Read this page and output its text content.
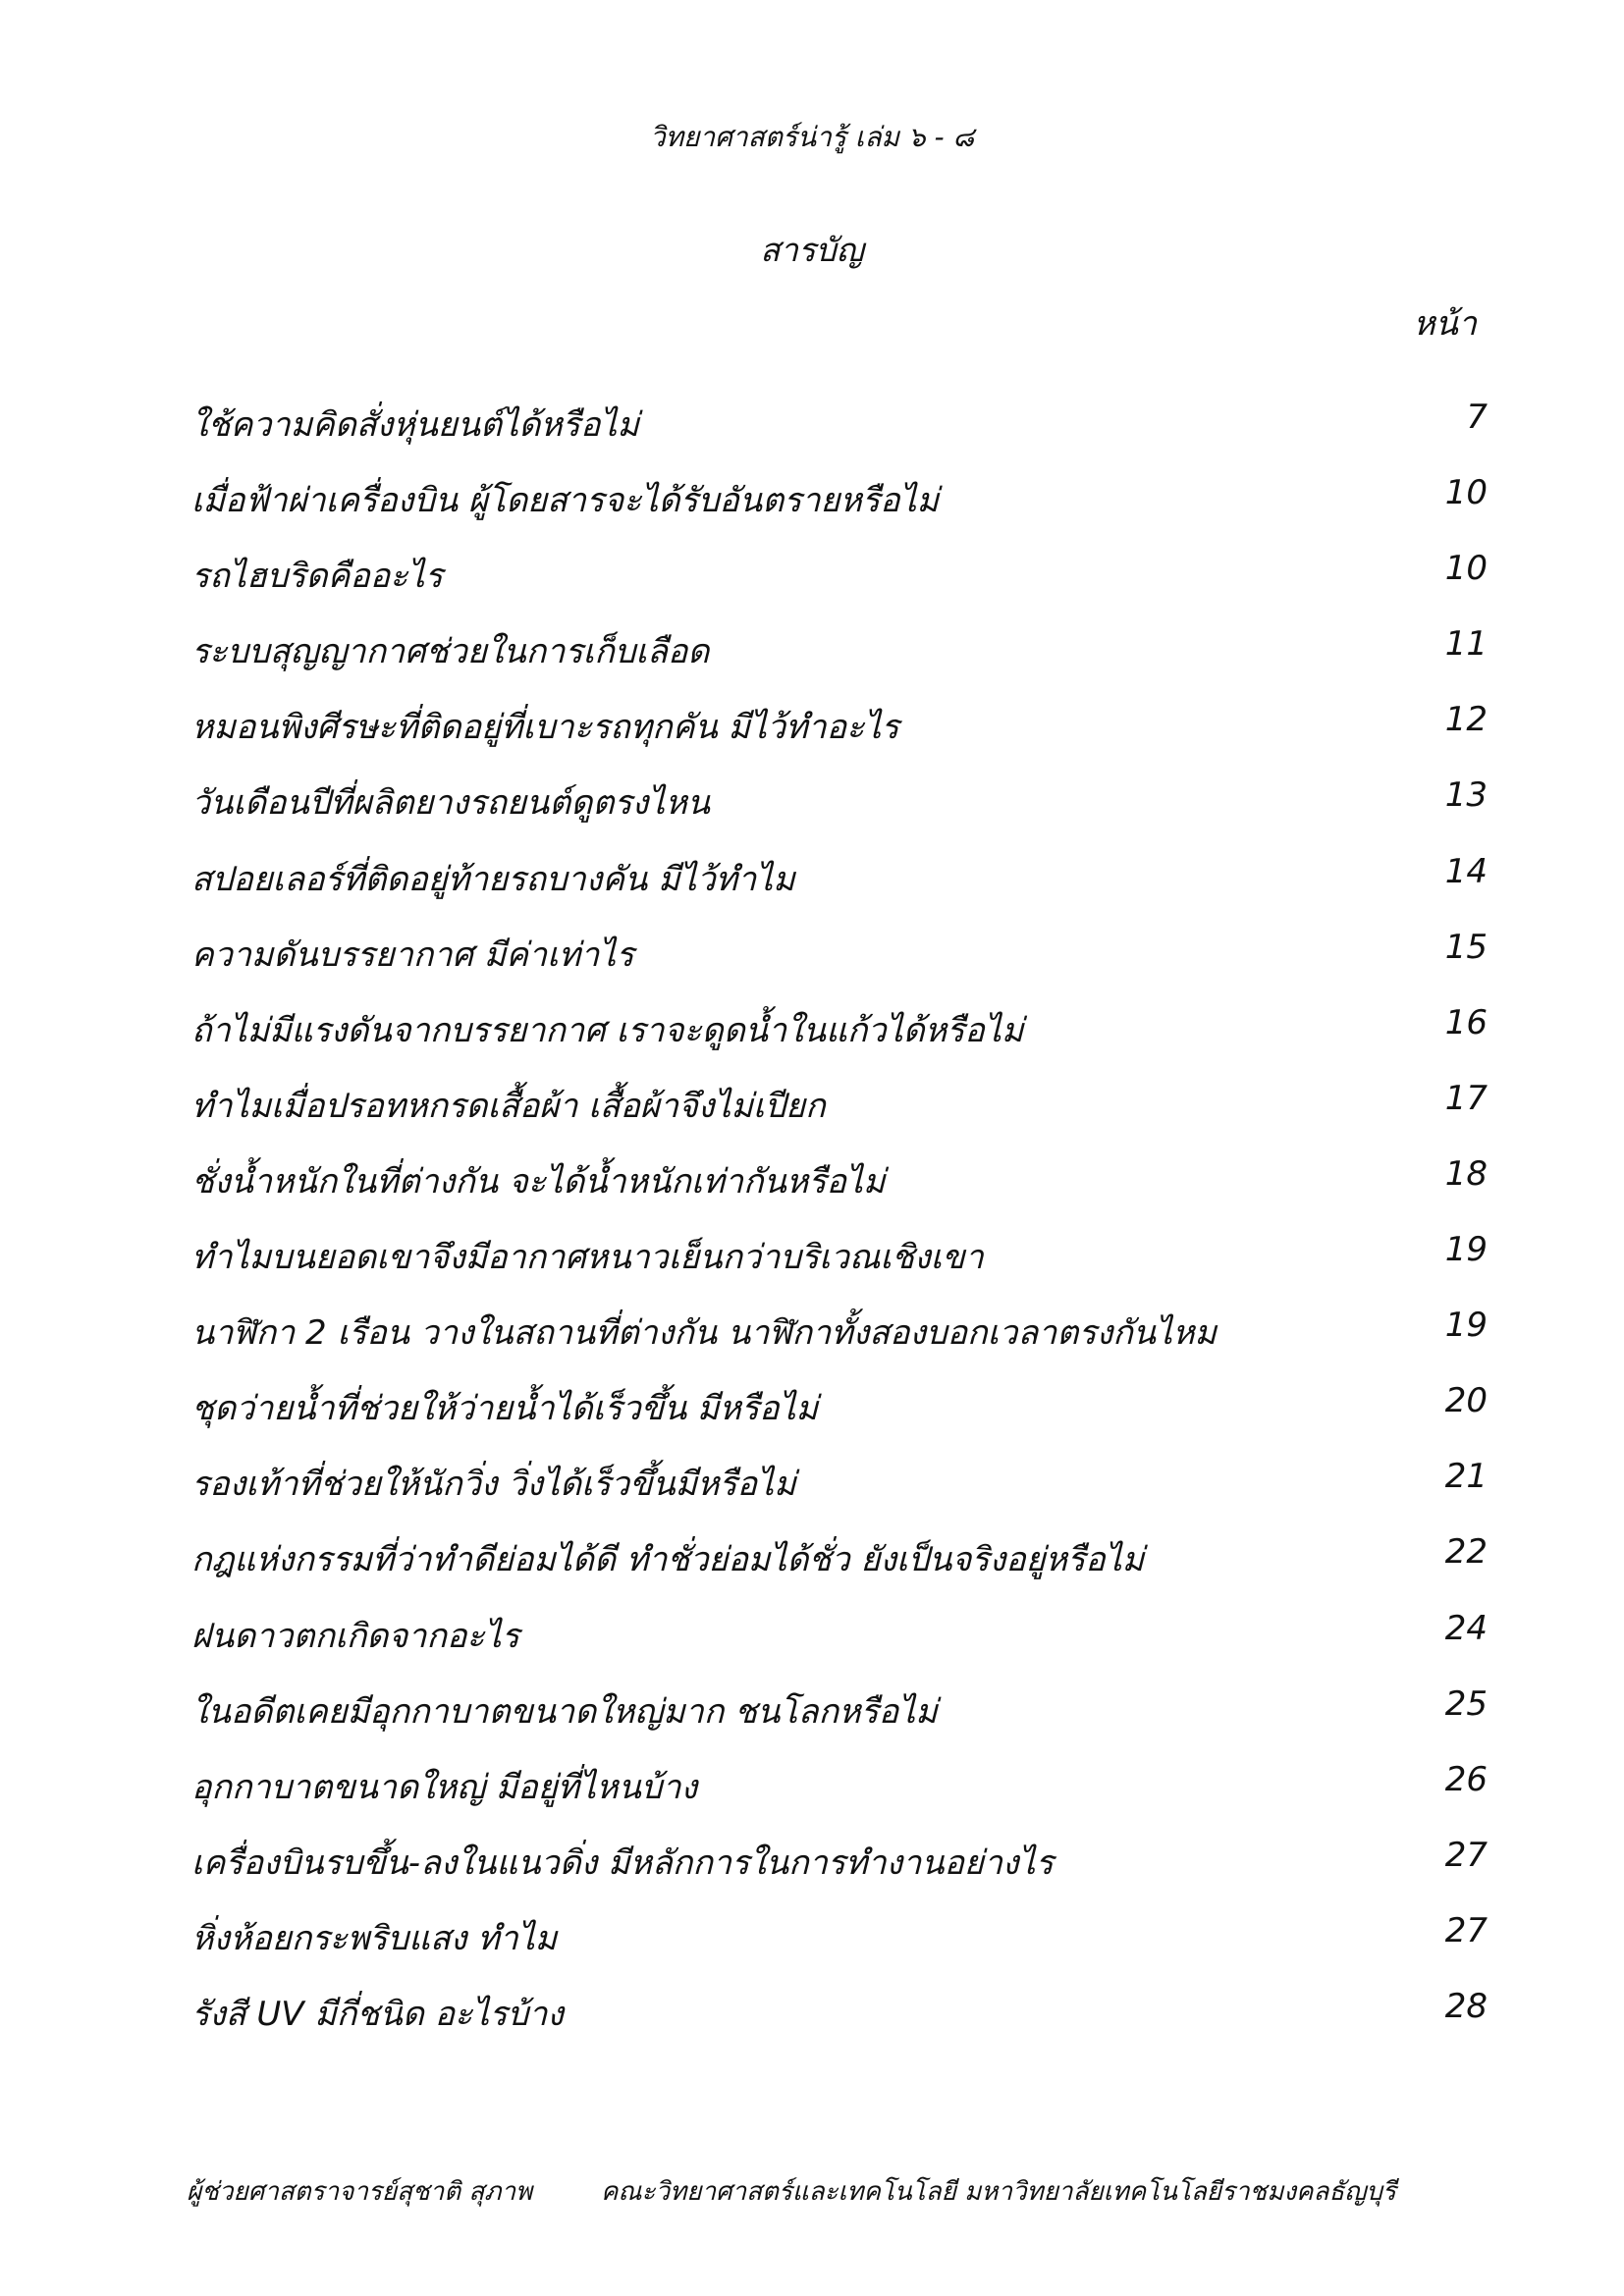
วิทยาศาสตร์น่ารู้ เล่ม ๖ - ๘
สารบัญ
หน้า
ใช้ความคิดสั่งหุ่นยนต์ได้หรือไม่	7
เมื่อฟ้าผ่าเครื่องบิน ผู้โดยสารจะได้รับอันตรายหรือไม่	10
รถไฮบริดคืออะไร	10
ระบบสุญญากาศช่วยในการเก็บเลือด	11
หมอนพิงศีรษะที่ติดอยู่ที่เบาะรถทุกคัน มีไว้ทำอะไร	12
วันเดือนปีที่ผลิตยางรถยนต์ดูตรงไหน	13
สปอยเลอร์ที่ติดอยู่ท้ายรถบางคัน มีไว้ทำไม	14
ความดันบรรยากาศ มีค่าเท่าไร	15
ถ้าไม่มีแรงดันจากบรรยากาศ เราจะดูดน้ำในแก้วได้หรือไม่	16
ทำไมเมื่อปรอทหกรดเสื้อผ้า เสื้อผ้าจึงไม่เปียก	17
ชั่งน้ำหนักในที่ต่างกัน จะได้น้ำหนักเท่ากันหรือไม่	18
ทำไมบนยอดเขาจึงมีอากาศหนาวเย็นกว่าบริเวณเชิงเขา	19
นาฬิกา 2 เรือน วางในสถานที่ต่างกัน นาฬิกาทั้งสองบอกเวลาตรงกันไหม	19
ชุดว่ายน้ำที่ช่วยให้ว่ายน้ำได้เร็วขึ้น มีหรือไม่	20
รองเท้าที่ช่วยให้นักวิ่ง วิ่งได้เร็วขึ้นมีหรือไม่	21
กฎแห่งกรรมที่ว่าทำดีย่อมได้ดี ทำชั่วย่อมได้ชั่ว ยังเป็นจริงอยู่หรือไม่	22
ฝนดาวตกเกิดจากอะไร	24
ในอดีตเคยมีอุกกาบาตขนาดใหญ่มาก ชนโลกหรือไม่	25
อุกกาบาตขนาดใหญ่ มีอยู่ที่ไหนบ้าง	26
เครื่องบินรบขึ้น-ลงในแนวดิ่ง มีหลักการในการทำงานอย่างไร	27
หิ่งห้อยกระพริบแสง ทำไม	27
รังสี UV มีกี่ชนิด อะไรบ้าง	28
ผู้ช่วยศาสตราจารย์สุชาติ สุภาพ	คณะวิทยาศาสตร์และเทคโนโลยี มหาวิทยาลัยเทคโนโลยีราชมงคลธัญบุรี
